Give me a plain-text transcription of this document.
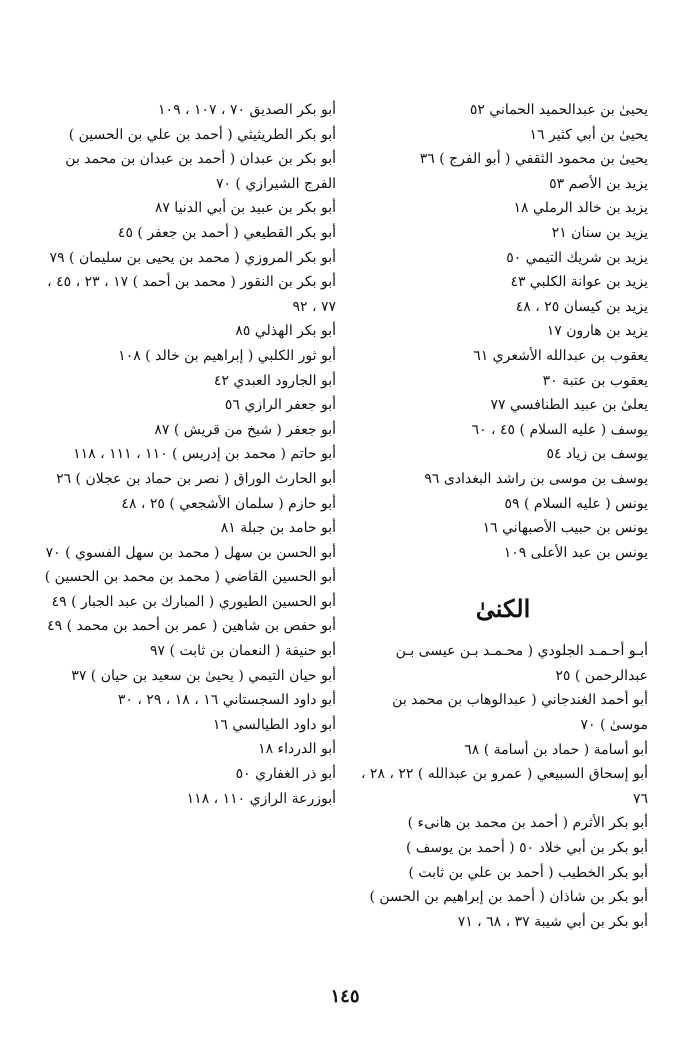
يحيىٰ بن عبدالحميد الحماني ٥٢
يحيىٰ بن أبي كثير ١٦
يحيىٰ بن محمود الثقفي ( أبو الفرج ) ٣٦
يزيد بن الأصم ٥٣
يزيد بن خالد الرملي ١٨
يزيد بن سنان ٢١
يزيد بن شريك التيمي ٥٠
يزيد بن عوانة الكلبي ٤٣
يزيد بن كيسان ٢٥ ، ٤٨
يزيد بن هارون ١٧
يعقوب بن عبدالله الأشعري ٦١
يعقوب بن عتبة ٣٠
يعلىٰ بن عبيد الطنافسي ٧٧
يوسف ( عليه السلام ) ٤٥ ، ٦٠
يوسف بن زياد ٥٤
يوسف بن موسى بن راشد البغدادى ٩٦
يونس ( عليه السلام ) ٥٩
يونس بن حبيب الأصبهاني ١٦
يونس بن عبد الأعلى ١٠٩
الكنىٰ
أبـو أحـمـد الجلودي ( محـمـد بـن عيسى بـن عبدالرحمن ) ٢٥
أبو أحمد الغندجاني ( عبدالوهاب بن محمد بن موسىٰ ) ٧٠
أبو أسامة ( حماد بن أسامة ) ٦٨
أبو إسحاق السبيعي ( عمرو بن عبدالله ) ٢٢ ، ٢٨ ، ٧٦
أبو بكر الأثرم ( أحمد بن محمد بن هانىء )
أبو بكر بن أبي خلاد ٥٠ ( أحمد بن يوسف )
أبو بكر الخطيب ( أحمد بن علي بن ثابت )
أبو بكر بن شاذان ( أحمد بن إبراهيم بن الحسن )
أبو بكر بن أبي شيبة ٣٧ ، ٦٨ ، ٧١
أبو بكر الصديق ٧٠ ، ١٠٧ ، ١٠٩
أبو بكر الطريثيثي ( أحمد بن علي بن الحسين )
أبو بكر بن عبدان ( أحمد بن عبدان بن محمد بن الفرج الشيرازي ) ٧٠
أبو بكر بن عبيد بن أبي الدنيا ٨٧
أبو بكر القطيعي ( أحمد بن جعفر ) ٤٥
أبو بكر المروزي ( محمد بن يحيى بن سليمان ) ٧٩
أبو بكر بن النقور ( محمد بن أحمد ) ١٧ ، ٢٣ ، ٤٥ ، ٧٧ ، ٩٢
أبو بكر الهذلي ٨٥
أبو ثور الكلبي ( إبراهيم بن خالد ) ١٠٨
أبو الجارود العبدي ٤٢
أبو جعفر الرازي ٥٦
أبو جعفر ( شيخ من قريش ) ٨٧
أبو حاتم ( محمد بن إدريس ) ١١٠ ، ١١١ ، ١١٨
أبو الحارث الوراق ( نصر بن حماد بن عجلان ) ٢٦
أبو حازم ( سلمان الأشجعي ) ٢٥ ، ٤٨
أبو حامد بن جبلة ٨١
أبو الحسن بن سهل ( محمد بن سهل الفسوي ) ٧٠
أبو الحسين القاضي ( محمد بن محمد بن الحسين )
أبو الحسين الطيوري ( المبارك بن عبد الجبار ) ٤٩
أبو حفص بن شاهين ( عمر بن أحمد بن محمد ) ٤٩
أبو حنيفة ( النعمان بن ثابت ) ٩٧
أبو حيان التيمي ( يحيىٰ بن سعيد بن حيان ) ٣٧
أبو داود السجستاني ١٦ ، ١٨ ، ٢٩ ، ٣٠
أبو داود الطيالسي ١٦
أبو الدرداء ١٨
أبو ذر الغفاري ٥٠
أبوزرعة الرازي ١١٠ ، ١١٨
١٤٥
